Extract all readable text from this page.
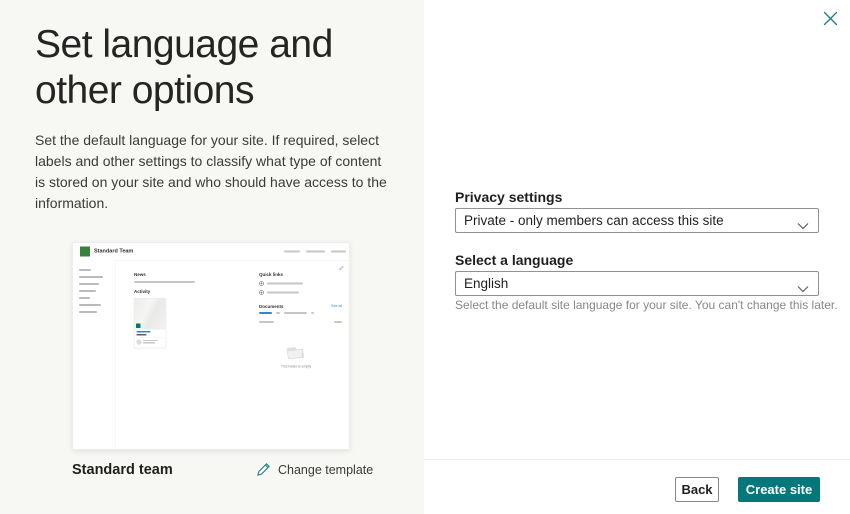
Set language and other options
Set the default language for your site. If required, select labels and other settings to classify what type of content is stored on your site and who should have access to the information.
Standard Team
News
Activity
Quick links
Documents	See all
This folder is empty
Standard team	Change template
Privacy settings
Private - only members can access this site
Select a language
English
Select the default site language for your site. You can't change this later.
Back	Create site
